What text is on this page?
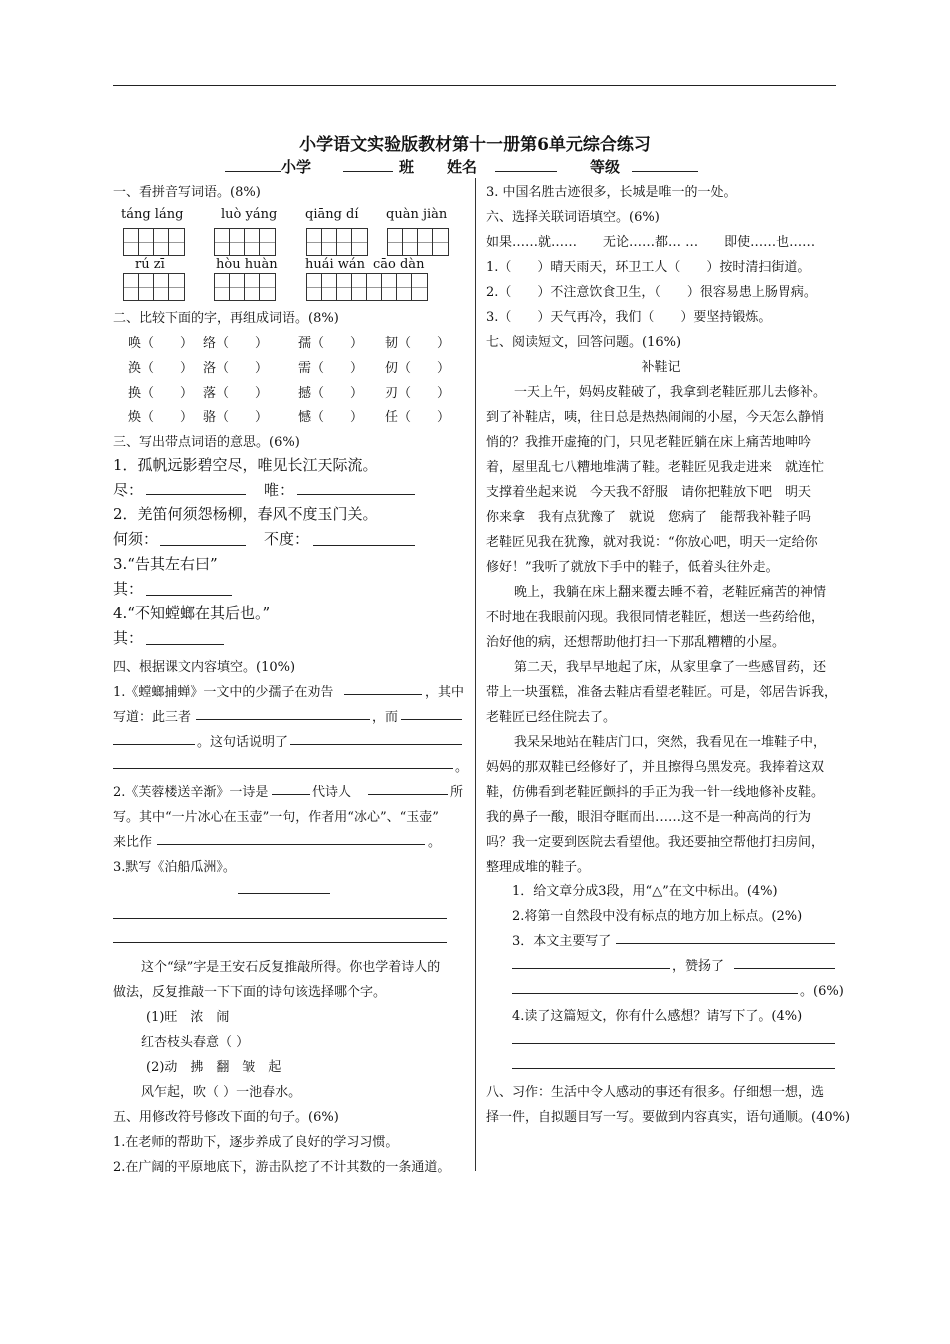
小学语文实验版教材第十一册第6单元综合练习
小学	班 姓名	等级
一、看拼音写词语。(8%)
táng láng	luò yáng qiāng dí quàn jiàn
rú zī	hòu huàn huái wán cāo dàn
二、比较下面的字，再组成词语。(8%)
唤（　　） 络（　　） 孺（　　） 韧（　　）
涣（　　） 洛（　　） 需（　　） 仞（　　）
换（　　） 落（　　） 撼（　　） 刃（　　）
焕（　　） 骆（　　） 憾（　　） 任（　　）
三、写出带点词语的意思。(6%)
1．孤帆远影碧空尽，唯见长江天际流。
尽：	唯：
2．羌笛何须怨杨柳，春风不度玉门关。
何须：	不度：
3.“告其左右曰”
其：
4.“不知螳螂在其后也。”
其：
四、根据课文内容填空。(10%)
1.《螳螂捕蝉》一文中的少孺子在劝告	，其中
写道：此三者	，而
。这句话说明了
。
2.《芙蓉楼送辛渐》一诗是	代诗人	所
写。其中“一片冰心在玉壶”一句，作者用“冰心”、“玉壶”
来比作	。
3.默写《泊船瓜洲》。
这个“绿”字是王安石反复推敲所得。你也学着诗人的
做法，反复推敲一下下面的诗句该选择哪个字。
(1)旺　浓　闹
红杏枝头春意（ ）
(2)动　拂　翻　皱　起
风乍起，吹（ ）一池春水。
五、用修改符号修改下面的句子。(6%)
1.在老师的帮助下，逐步养成了良好的学习习惯。
2.在广阔的平原地底下，游击队挖了不计其数的一条通道。
3. 中国名胜古迹很多，长城是唯一的一处。
六、选择关联词语填空。(6%)
如果……就……　　无论……都… …　　即使……也……
1.（　　）晴天雨天，环卫工人（　　）按时清扫街道。
2.（　　）不注意饮食卫生，（　　）很容易患上肠胃病。
3.（　　）天气再冷，我们（　　）要坚持锻炼。
七、阅读短文，回答问题。(16%)
补鞋记
一天上午，妈妈皮鞋破了，我拿到老鞋匠那儿去修补。
到了补鞋店，咦，往日总是热热闹闹的小屋，今天怎么静悄
悄的？我推开虚掩的门，只见老鞋匠躺在床上痛苦地呻吟
着，屋里乱七八糟地堆满了鞋。老鞋匠见我走进来　就连忙
支撑着坐起来说　今天我不舒服　请你把鞋放下吧　明天
你来拿　我有点犹豫了　就说　您病了　能帮我补鞋子吗
老鞋匠见我在犹豫，就对我说：“你放心吧，明天一定给你
修好！”我听了就放下手中的鞋子，低着头往外走。
晚上，我躺在床上翻来覆去睡不着，老鞋匠痛苦的神情
不时地在我眼前闪现。我很同情老鞋匠，想送一些药给他，
治好他的病，还想帮助他打扫一下那乱糟糟的小屋。
第二天，我早早地起了床，从家里拿了一些感冒药，还
带上一块蛋糕，准备去鞋店看望老鞋匠。可是，邻居告诉我，
老鞋匠已经住院去了。
我呆呆地站在鞋店门口，突然，我看见在一堆鞋子中，
妈妈的那双鞋已经修好了，并且擦得乌黑发亮。我捧着这双
鞋，仿佛看到老鞋匠颤抖的手正为我一针一线地修补皮鞋。
我的鼻子一酸，眼泪夺眶而出……这不是一种高尚的行为
吗？我一定要到医院去看望他。我还要抽空帮他打扫房间，
整理成堆的鞋子。
1．给文章分成3段，用“△”在文中标出。(4%)
2.将第一自然段中没有标点的地方加上标点。(2%)
3．本文主要写了
，赞扬了
。(6%)
4.读了这篇短文，你有什么感想？请写下了。(4%)
八、习作：生活中令人感动的事还有很多。仔细想一想，选
择一件，自拟题目写一写。要做到内容真实，语句通顺。(40%)
